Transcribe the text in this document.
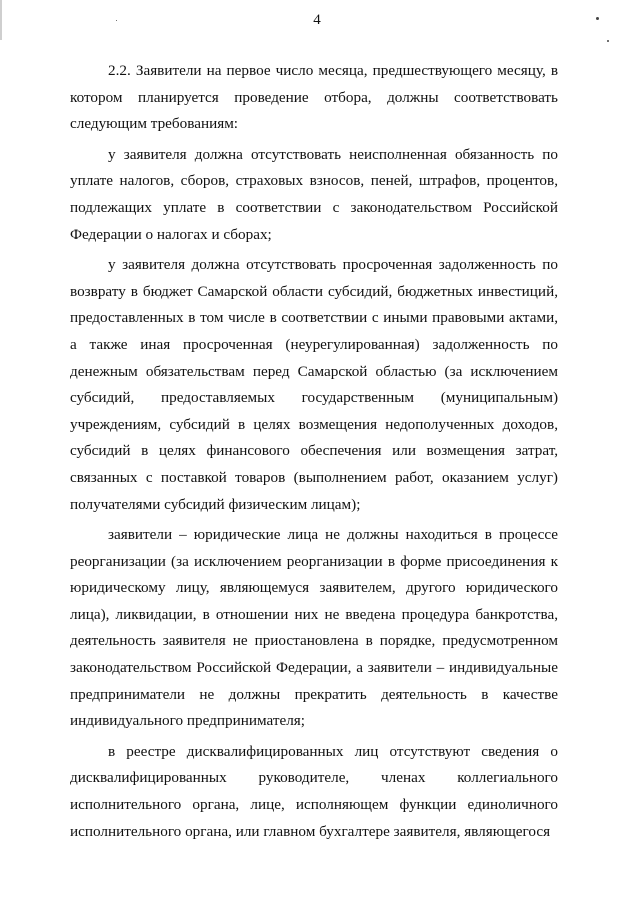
4

2.2. Заявители на первое число месяца, предшествующего месяцу, в котором планируется проведение отбора, должны соответствовать следующим требованиям:

у заявителя должна отсутствовать неисполненная обязанность по уплате налогов, сборов, страховых взносов, пеней, штрафов, процентов, подлежащих уплате в соответствии с законодательством Российской Федерации о налогах и сборах;

у заявителя должна отсутствовать просроченная задолженность по возврату в бюджет Самарской области субсидий, бюджетных инвестиций, предоставленных в том числе в соответствии с иными правовыми актами, а также иная просроченная (неурегулированная) задолженность по денежным обязательствам перед Самарской областью (за исключением субсидий, предоставляемых государственным (муниципальным) учреждениям, субсидий в целях возмещения недополученных доходов, субсидий в целях финансового обеспечения или возмещения затрат, связанных с поставкой товаров (выполнением работ, оказанием услуг) получателями субсидий физическим лицам);

заявители – юридические лица не должны находиться в процессе реорганизации (за исключением реорганизации в форме присоединения к юридическому лицу, являющемуся заявителем, другого юридического лица), ликвидации, в отношении них не введена процедура банкротства, деятельность заявителя не приостановлена в порядке, предусмотренном законодательством Российской Федерации, а заявители – индивидуальные предприниматели не должны прекратить деятельность в качестве индивидуального предпринимателя;

в реестре дисквалифицированных лиц отсутствуют сведения о дисквалифицированных руководителе, членах коллегиального исполнительного органа, лице, исполняющем функции единоличного исполнительного органа, или главном бухгалтере заявителя, являющегося
